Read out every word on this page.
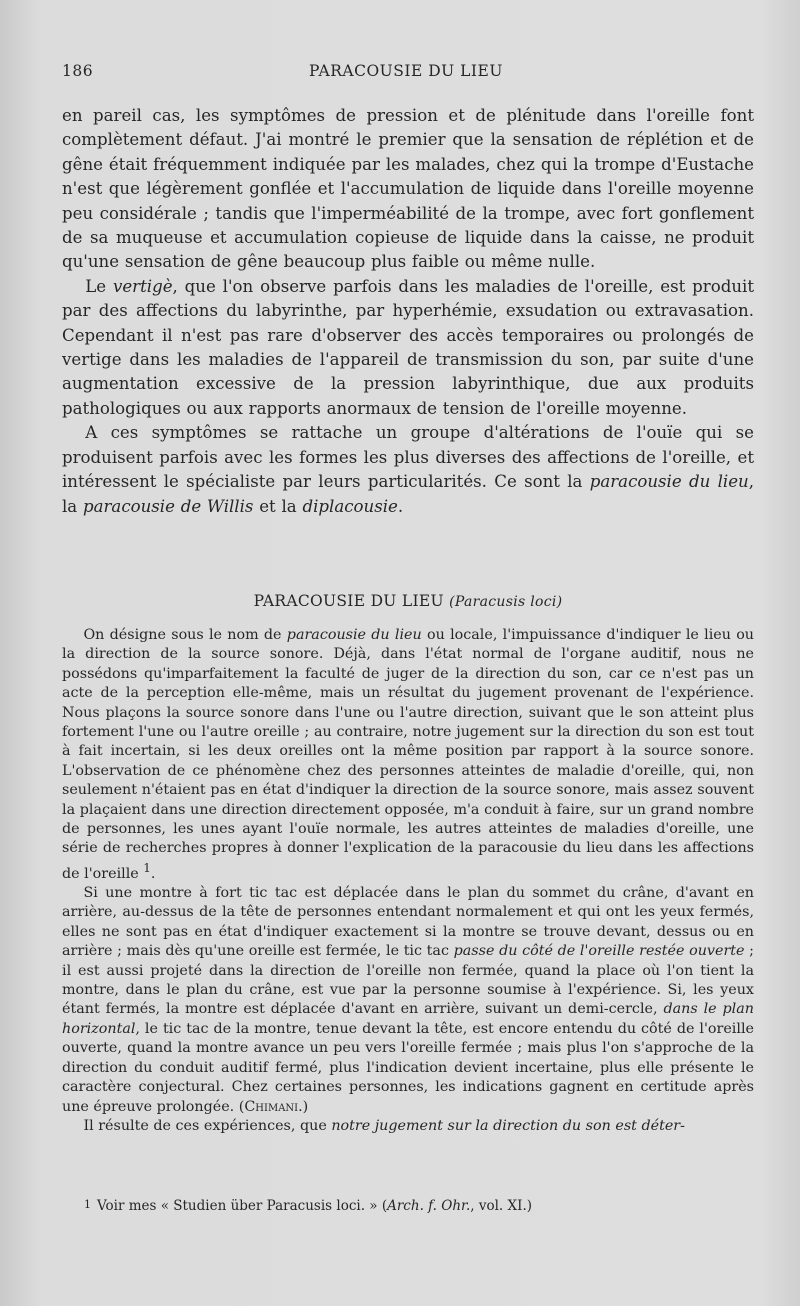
186	PARACOUSIE DU LIEU

en pareil cas, les symptômes de pression et de plénitude dans l'oreille font complètement défaut. J'ai montré le premier que la sensation de réplétion et de gêne était fréquemment indiquée par les malades, chez qui la trompe d'Eustache n'est que légèrement gonflée et l'accumulation de liquide dans l'oreille moyenne peu considérale ; tandis que l'imperméabilité de la trompe, avec fort gonflement de sa muqueuse et accumulation copieuse de liquide dans la caisse, ne produit qu'une sensation de gêne beaucoup plus faible ou même nulle.

Le vertigè, que l'on observe parfois dans les maladies de l'oreille, est produit par des affections du labyrinthe, par hyperhémie, exsudation ou extravasation. Cependant il n'est pas rare d'observer des accès temporaires ou prolongés de vertige dans les maladies de l'appareil de transmission du son, par suite d'une augmentation excessive de la pression labyrinthique, due aux produits pathologiques ou aux rapports anormaux de tension de l'oreille moyenne.

A ces symptômes se rattache un groupe d'altérations de l'ouïe qui se produisent parfois avec les formes les plus diverses des affections de l'oreille, et intéressent le spécialiste par leurs particularités. Ce sont la paracousie du lieu, la paracousie de Willis et la diplacousie.

PARACOUSIE DU LIEU (Paracusis loci)

On désigne sous le nom de paracousie du lieu ou locale, l'impuissance d'indiquer le lieu ou la direction de la source sonore. Déjà, dans l'état normal de l'organe auditif, nous ne possédons qu'imparfaitement la faculté de juger de la direction du son, car ce n'est pas un acte de la perception elle-même, mais un résultat du jugement provenant de l'expérience. Nous plaçons la source sonore dans l'une ou l'autre direction, suivant que le son atteint plus fortement l'une ou l'autre oreille ; au contraire, notre jugement sur la direction du son est tout à fait incertain, si les deux oreilles ont la même position par rapport à la source sonore. L'observation de ce phénomène chez des personnes atteintes de maladie d'oreille, qui, non seulement n'étaient pas en état d'indiquer la direction de la source sonore, mais assez souvent la plaçaient dans une direction directement opposée, m'a conduit à faire, sur un grand nombre de personnes, les unes ayant l'ouïe normale, les autres atteintes de maladies d'oreille, une série de recherches propres à donner l'explication de la paracousie du lieu dans les affections de l'oreille $^1$.

Si une montre à fort tic tac est déplacée dans le plan du sommet du crâne, d'avant en arrière, au-dessus de la tête de personnes entendant normalement et qui ont les yeux fermés, elles ne sont pas en état d'indiquer exactement si la montre se trouve devant, dessus ou en arrière ; mais dès qu'une oreille est fermée, le tic tac passe du côté de l'oreille restée ouverte ; il est aussi projeté dans la direction de l'oreille non fermée, quand la place où l'on tient la montre, dans le plan du crâne, est vue par la personne soumise à l'expérience. Si, les yeux étant fermés, la montre est déplacée d'avant en arrière, suivant un demi-cercle, dans le plan horizontal, le tic tac de la montre, tenue devant la tête, est encore entendu du côté de l'oreille ouverte, quand la montre avance un peu vers l'oreille fermée ; mais plus l'on s'approche de la direction du conduit auditif fermé, plus l'indication devient incertaine, plus elle présente le caractère conjectural. Chez certaines personnes, les indications gagnent en certitude après une épreuve prolongée. (Chimani.)

Il résulte de ces expériences, que notre jugement sur la direction du son est déter-

1 Voir mes « Studien über Paracusis loci. » (Arch. f. Ohr., vol. XI.)
